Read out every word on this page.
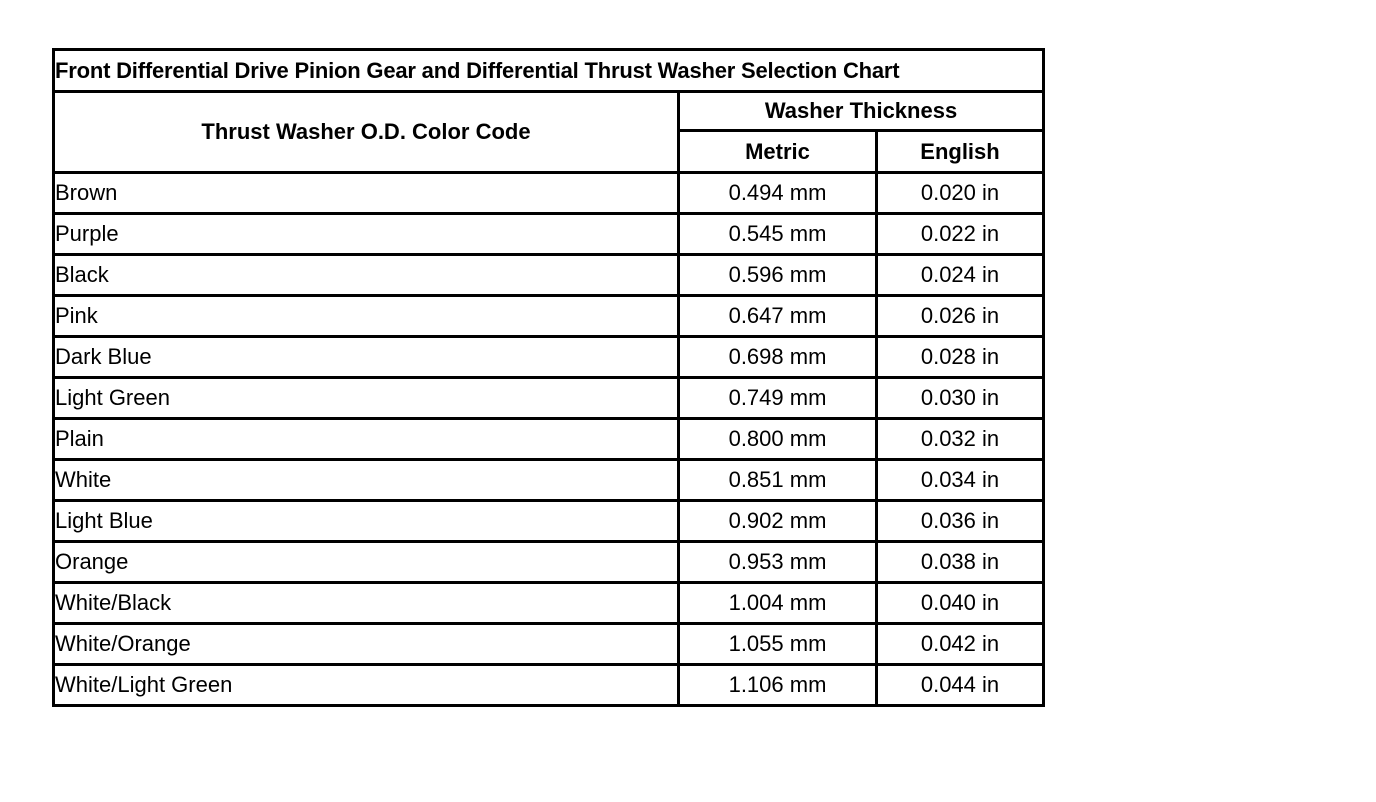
Front Differential Drive Pinion Gear and Differential Thrust Washer Selection Chart		
Thrust Washer O.D. Color Code	Washer Thickness	
	Metric	English
Brown	0.494 mm	0.020 in
Purple	0.545 mm	0.022 in
Black	0.596 mm	0.024 in
Pink	0.647 mm	0.026 in
Dark Blue	0.698 mm	0.028 in
Light Green	0.749 mm	0.030 in
Plain	0.800 mm	0.032 in
White	0.851 mm	0.034 in
Light Blue	0.902 mm	0.036 in
Orange	0.953 mm	0.038 in
White/Black	1.004 mm	0.040 in
White/Orange	1.055 mm	0.042 in
White/Light Green	1.106 mm	0.044 in
